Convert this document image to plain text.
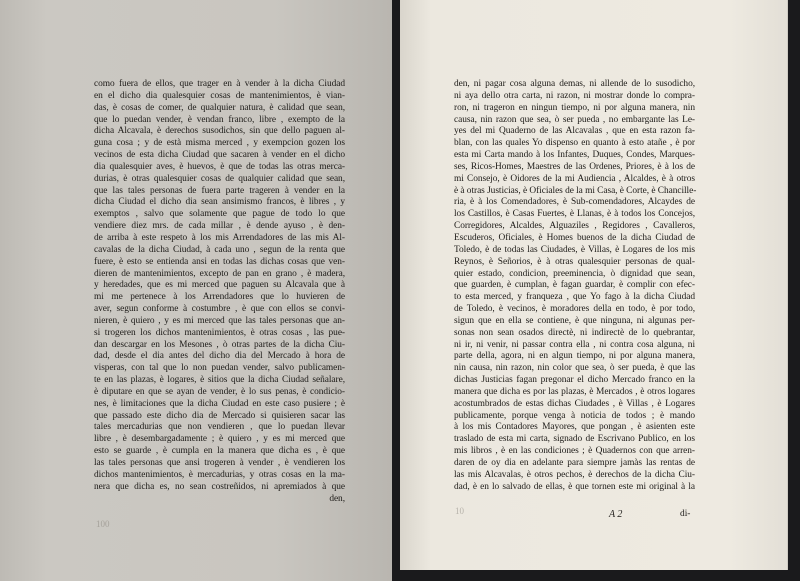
como fuera de ellos, que trager en à vender à la dicha Ciudad
en el dicho dia qualesquier cosas de mantenimientos, è vian-
das, è cosas de comer, de qualquier natura, è calidad que sean,
que lo puedan vender, è vendan franco, libre , exempto de la
dicha Alcavala, è derechos susodichos, sin que dello paguen al-
guna cosa ; y de està misma merced , y exempcion gozen los
vecinos de esta dicha Ciudad que sacaren à vender en el dicho
dia qualesquier aves, è huevos, è que de todas las otras merca-
durias, è otras qualesquier cosas de qualquier calidad que sean,
que las tales personas de fuera parte trageren à vender en la
dicha Ciudad el dicho dia sean ansimismo francos, è libres , y
exemptos , salvo que solamente que pague de todo lo que
vendiere diez mrs. de cada millar , è dende ayuso , è den-
de arriba à este respeto à los mis Arrendadores de las mis Al-
cavalas de la dicha Ciudad, à cada uno , segun de la renta que
fuere, è esto se entienda ansi en todas las dichas cosas que ven-
dieren de mantenimientos, excepto de pan en grano , è madera,
y heredades, que es mi merced que paguen su Alcavala que à
mi me pertenece à los Arrendadores que lo huvieren de
aver, segun conforme à costumbre , è que con ellos se convi-
nieren, è quiero , y es mi merced que las tales personas que an-
si trogeren los dichos mantenimientos, è otras cosas , las pue-
dan descargar en los Mesones , ò otras partes de la dicha Ciu-
dad, desde el dia antes del dicho dia del Mercado à hora de
visperas, con tal que lo non puedan vender, salvo publicamen-
te en las plazas, è logares, è sitios que la dicha Ciudad señalare,
è diputare en que se ayan de vender, è lo sus penas, è condicio-
nes, è limitaciones que la dicha Ciudad en este caso pusiere ; è
que passado este dicho dia de Mercado si quisieren sacar las
tales mercadurias que non vendieren , que lo puedan llevar
libre , è desembargadamente ; è quiero , y es mi merced que
esto se guarde , è cumpla en la manera que dicha es , è que
las tales personas que ansi trogeren à vender , è vendieren los
dichos mantenimientos, è mercadurias, y otras cosas en la ma-
nera que dicha es, no sean costreñidos, ni apremiados à que
den,
den, ni pagar cosa alguna demas, ni allende de lo susodicho,
ni aya dello otra carta, ni razon, ni mostrar donde lo compra-
ron, ni trageron en ningun tiempo, ni por alguna manera, nin
causa, nin razon que sea, ò ser pueda , no embargante las Le-
yes del mi Quaderno de las Alcavalas , que en esta razon fa-
blan, con las quales Yo dispenso en quanto à esto atañe , è por
esta mi Carta mando à los Infantes, Duques, Condes, Marques-
ses, Ricos-Homes, Maestres de las Ordenes, Priores, è à los de
mi Consejo, è Oidores de la mi Audiencia , Alcaldes, è à otros
è à otras Justicias, è Oficiales de la mi Casa, è Corte, è Chancille-
ria, è à los Comendadores, è Sub-comendadores, Alcaydes de
los Castillos, è Casas Fuertes, è Llanas, è à todos los Concejos,
Corregidores, Alcaldes, Alguaziles , Regidores , Cavalleros,
Escuderos, Oficiales, è Homes buenos de la dicha Ciudad de
Toledo, è de todas las Ciudades, è Villas, è Logares de los mis
Reynos, è Señorios, è à otras qualesquier personas de qual-
quier estado, condicion, preeminencia, ò dignidad que sean,
que guarden, è cumplan, è fagan guardar, è complir con efec-
to esta merced, y franqueza , que Yo fago à la dicha Ciudad
de Toledo, è vecinos, è moradores della en todo, è por todo,
sigun que en ella se contiene, è que ninguna, ni algunas per-
sonas non sean osados directè, ni indirectè de lo quebrantar,
ni ir, ni venir, ni passar contra ella , ni contra cosa alguna, ni
parte della, agora, ni en algun tiempo, ni por alguna manera,
nin causa, nin razon, nin color que sea, ò ser pueda, è que las
dichas Justicias fagan pregonar el dicho Mercado franco en la
manera que dicha es por las plazas, è Mercados , è otros logares
acostumbrados de estas dichas Ciudades , è Villas , è Logares
publicamente, porque venga à noticia de todos ; è mando
à los mis Contadores Mayores, que pongan , è asienten este
traslado de esta mi carta, signado de Escrivano Publico, en los
mis libros , è en las condiciones ; è Quadernos con que arren-
daren de oy dia en adelante para siempre jamàs las rentas de
las mis Alcavalas, è otros pechos, è derechos de la dicha Ciu-
dad, è en lo salvado de ellas, è que tornen este mi original à la
100
10	A 2	di-
